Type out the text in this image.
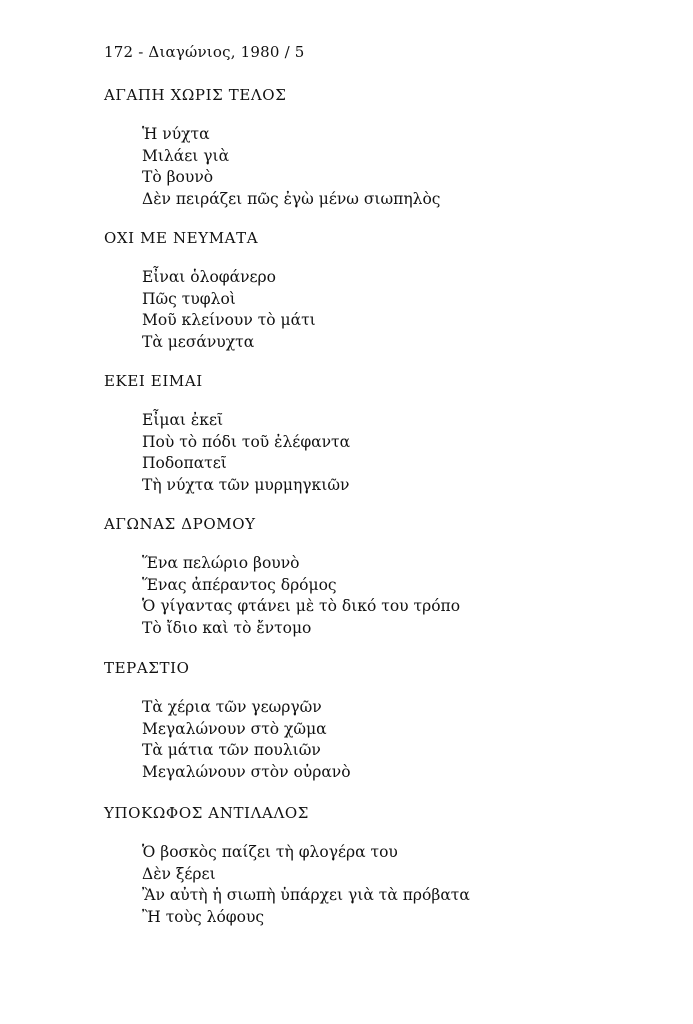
172 - Διαγώνιος, 1980 / 5
ΑΓΑΠΗ ΧΩΡΙΣ ΤΕΛΟΣ
Ἡ νύχτα
Μιλάει γιὰ
Τὸ βουνὸ
Δὲν πειράζει πῶς ἐγὼ μένω σιωπηλὸς
ΟΧΙ ΜΕ ΝΕΥΜΑΤΑ
Εἶναι ὁλοφάνερο
Πῶς τυφλοὶ
Μοῦ κλείνουν τὸ μάτι
Τὰ μεσάνυχτα
ΕΚΕΙ ΕΙΜΑΙ
Εἶμαι ἐκεῖ
Ποὺ τὸ πόδι τοῦ ἐλέφαντα
Ποδοπατεῖ
Τὴ νύχτα τῶν μυρμηγκιῶν
ΑΓΩΝΑΣ ΔΡΟΜΟΥ
Ἕνα πελώριο βουνὸ
Ἕνας ἀπέραντος δρόμος
Ὁ γίγαντας φτάνει μὲ τὸ δικό του τρόπο
Τὸ ἴδιο καὶ τὸ ἔντομο
ΤΕΡΑΣΤΙΟ
Τὰ χέρια τῶν γεωργῶν
Μεγαλώνουν στὸ χῶμα
Τὰ μάτια τῶν πουλιῶν
Μεγαλώνουν στὸν οὐρανὸ
ΥΠΟΚΩΦΟΣ ΑΝΤΙΛΑΛΟΣ
Ὁ βοσκὸς παίζει τὴ φλογέρα του
Δὲν ξέρει
Ἂν αὐτὴ ἡ σιωπὴ ὑπάρχει γιὰ τὰ πρόβατα
Ἢ τοὺς λόφους
